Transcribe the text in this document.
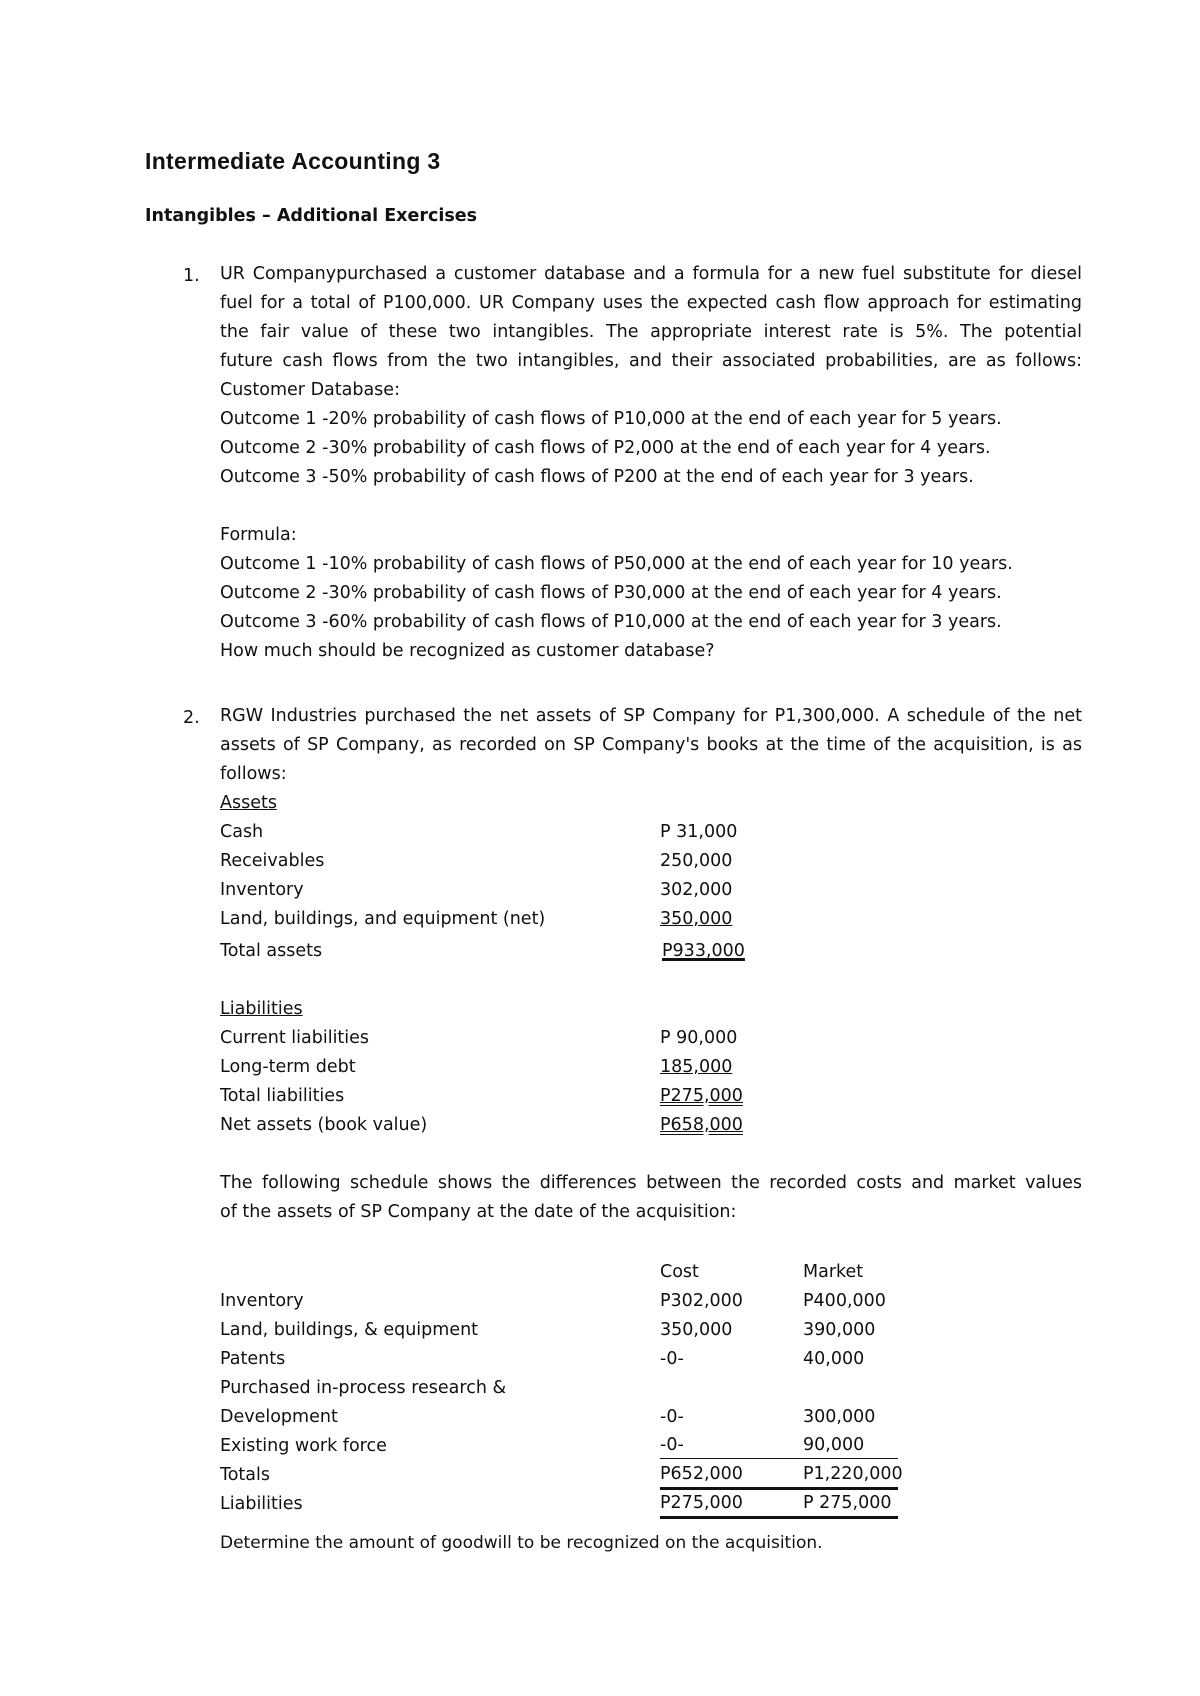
Intermediate Accounting 3
Intangibles – Additional Exercises
1. UR Companypurchased a customer database and a formula for a new fuel substitute for diesel
fuel for a total of P100,000. UR Company uses the expected cash flow approach for estimating
the fair value of these two intangibles. The appropriate interest rate is 5%. The potential
future cash flows from the two intangibles, and their associated probabilities, are as follows:
Customer Database:
Outcome 1 -20% probability of cash flows of P10,000 at the end of each year for 5 years.
Outcome 2 -30% probability of cash flows of P2,000 at the end of each year for 4 years.
Outcome 3 -50% probability of cash flows of P200 at the end of each year for 3 years.
Formula:
Outcome 1 -10% probability of cash flows of P50,000 at the end of each year for 10 years.
Outcome 2 -30% probability of cash flows of P30,000 at the end of each year for 4 years.
Outcome 3 -60% probability of cash flows of P10,000 at the end of each year for 3 years.
How much should be recognized as customer database?
2. RGW Industries purchased the net assets of SP Company for P1,300,000. A schedule of the net
assets of SP Company, as recorded on SP Company's books at the time of the acquisition, is as
follows:
Assets
Cash	P 31,000
Receivables	250,000
Inventory	302,000
Land, buildings, and equipment (net)	350,000
Total assets	P933,000
Liabilities
Current liabilities	P 90,000
Long-term debt	185,000
Total liabilities	P275,000
Net assets (book value)	P658,000
The following schedule shows the differences between the recorded costs and market values
of the assets of SP Company at the date of the acquisition:
Cost	Market
Inventory	P302,000	P400,000
Land, buildings, & equipment	350,000	390,000
Patents	-0-	40,000
Purchased in-process research &
Development	-0-	300,000
Existing work force	-0-	90,000
Totals	P652,000	P1,220,000
Liabilities	P275,000	P 275,000
Determine the amount of goodwill to be recognized on the acquisition.
